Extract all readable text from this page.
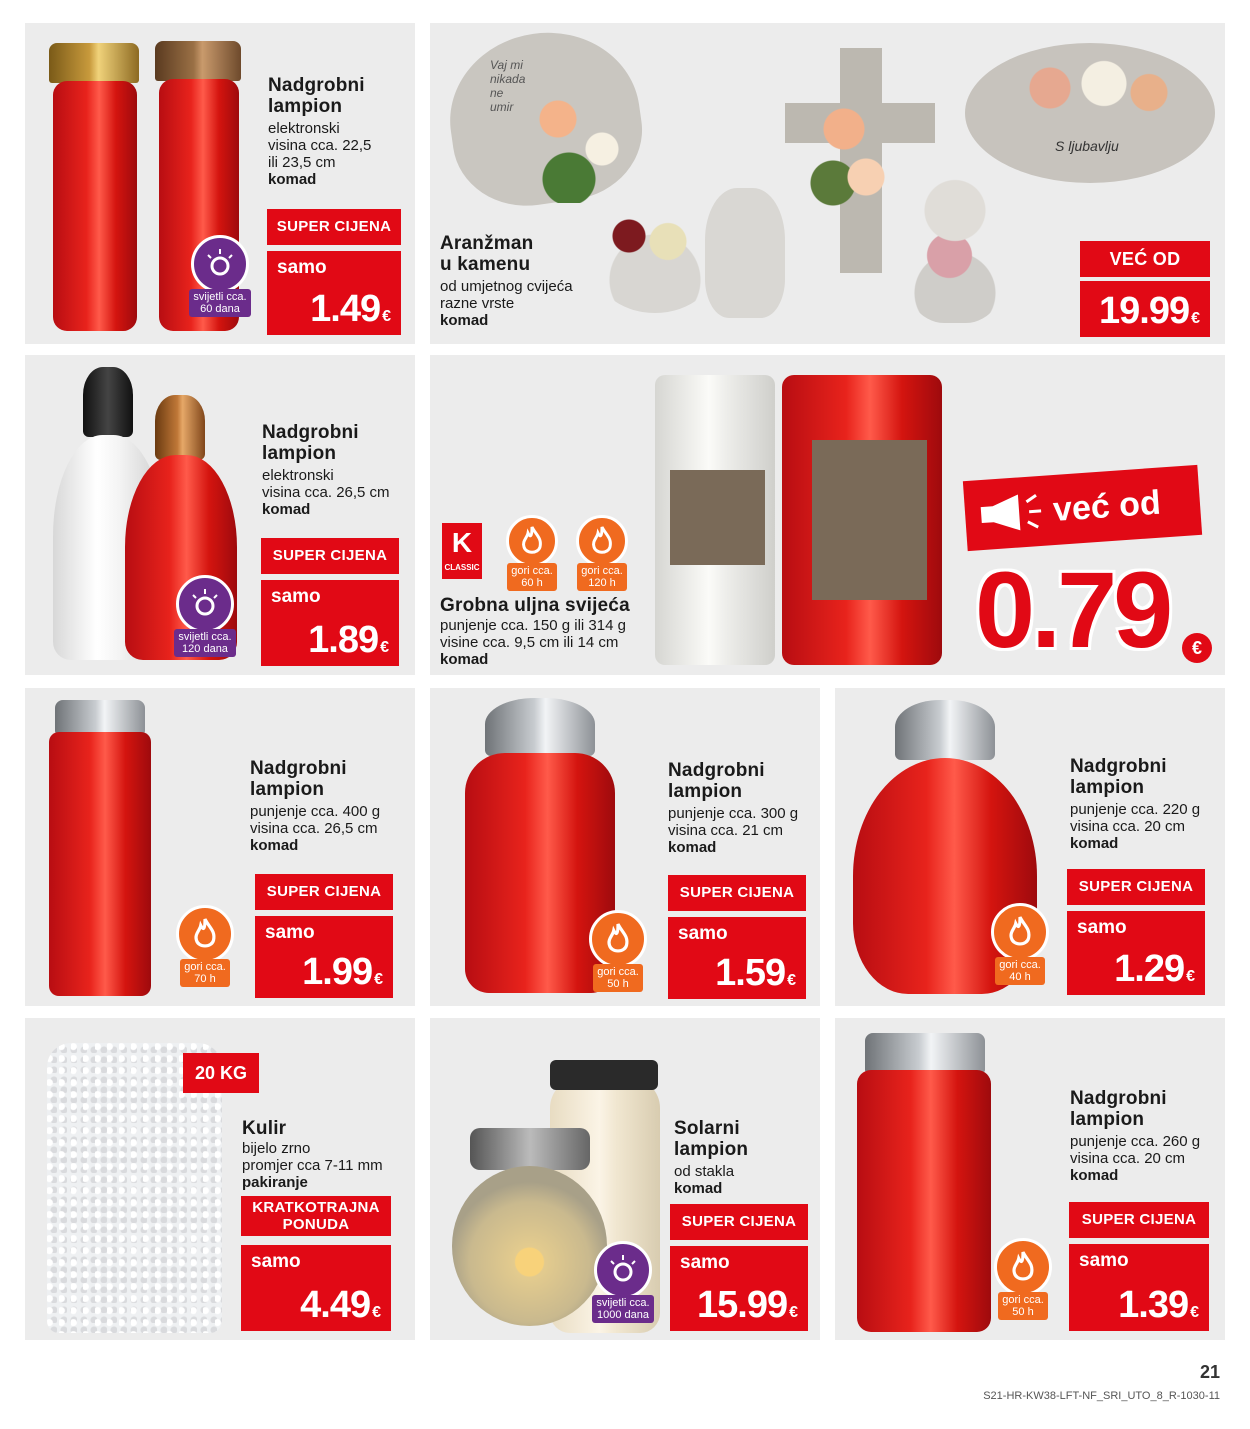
Nadgrobni
lampion
elektronski
visina cca. 22,5
ili 23,5 cm
komad
SUPER CIJENA
samo
1.49 €
svijetli cca.
60 dana
Vaj mi
nikada
ne
umir
S ljubavlju
Aranžman
u kamenu
od umjetnog cvijeća
razne vrste
komad
VEĆ OD
19.99 €
Nadgrobni
lampion
elektronski
visina cca. 26,5 cm
komad
SUPER CIJENA
samo
1.89 €
svijetli cca.
120 dana
K
CLASSIC	gori cca.
60 h
gori cca.
120 h
Grobna uljna svijeća
punjenje cca. 150 g ili 314 g
visine cca. 9,5 cm ili 14 cm
komad
već od
0.79	€
Nadgrobni
lampion
punjenje cca. 400 g
visina cca. 26,5 cm
komad
SUPER CIJENA
samo
1.99 €
gori cca.
70 h
Nadgrobni
lampion
punjenje cca. 300 g
visina cca. 21 cm
komad
SUPER CIJENA
samo
1.59 €
gori cca.
50 h
Nadgrobni
lampion
punjenje cca. 220 g
visina cca. 20 cm
komad
SUPER CIJENA
samo
1.29 €
gori cca.
40 h
20 KG
Kulir
bijelo zrno
promjer cca 7-11 mm
pakiranje
KRATKOTRAJNA
PONUDA
samo
4.49 €
Solarni
lampion
od stakla
komad
SUPER CIJENA
samo
15.99 €
svijetli cca.
1000 dana
Nadgrobni
lampion
punjenje cca. 260 g
visina cca. 20 cm
komad
SUPER CIJENA
samo
1.39 €
gori cca.
50 h
21
S21-HR-KW38-LFT-NF_SRI_UTO_8_R-1030-11
